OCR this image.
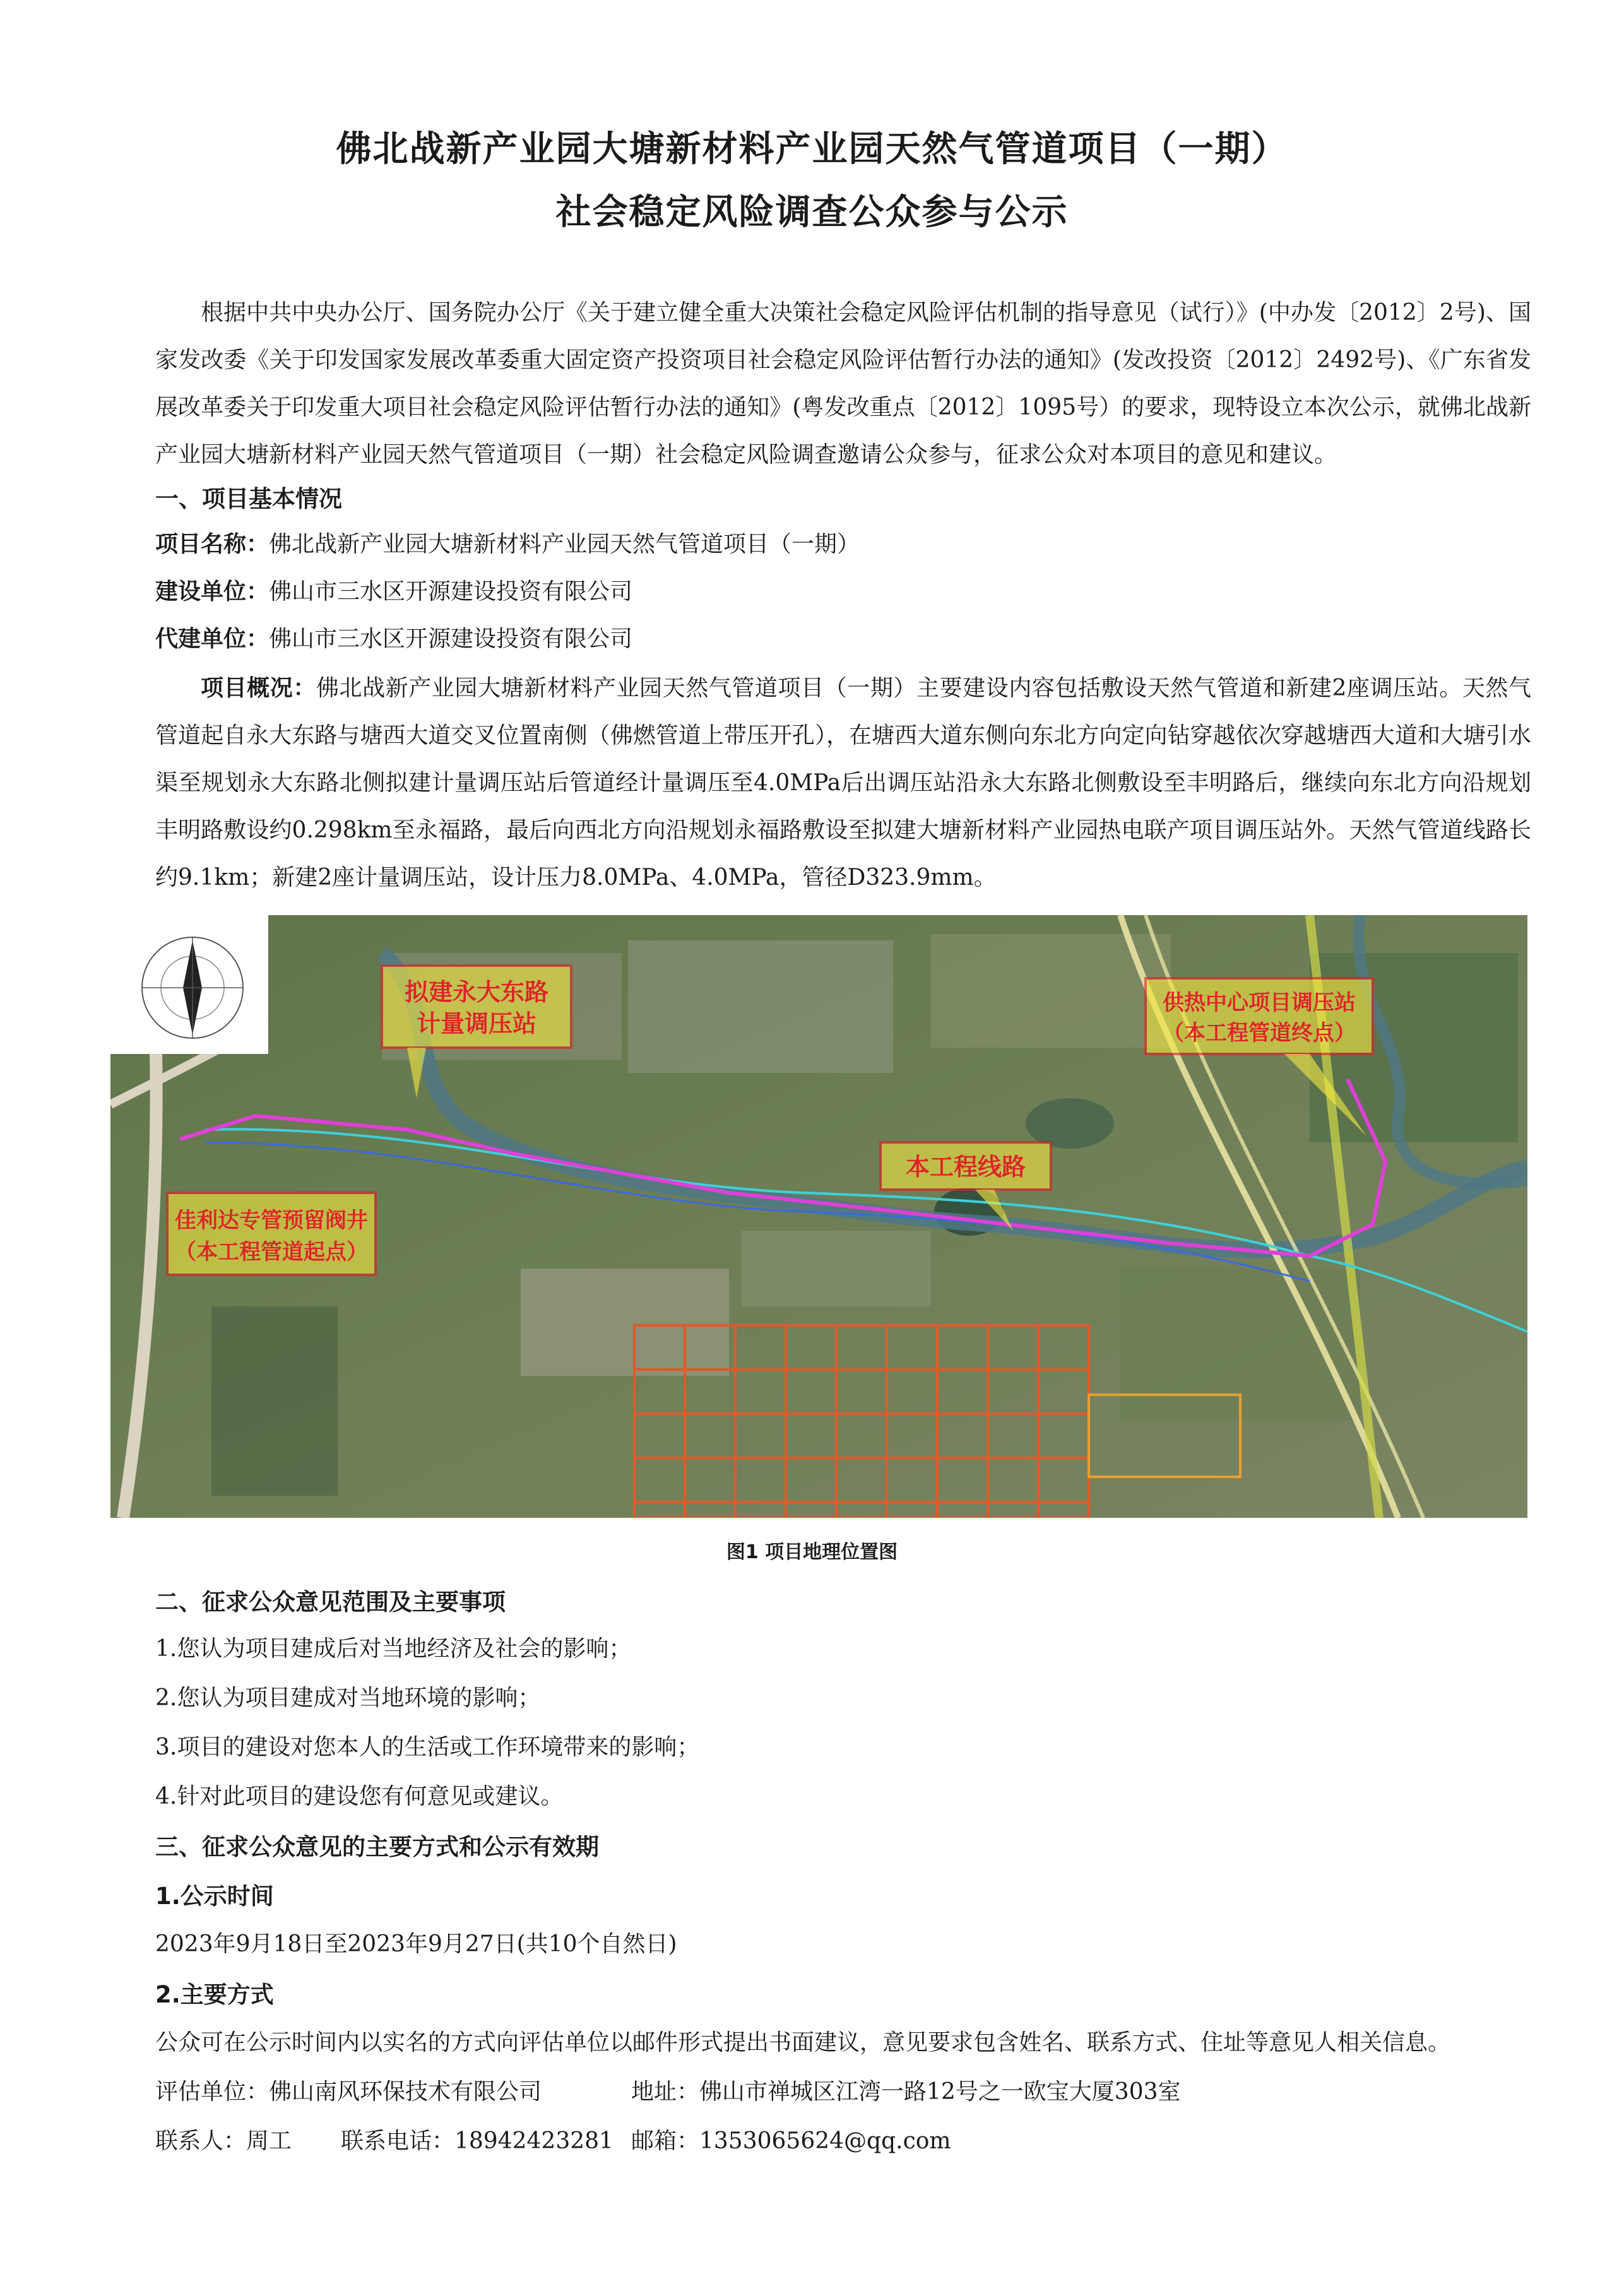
佛北战新产业园大塘新材料产业园天然气管道项目（一期）
社会稳定风险调查公众参与公示
根据中共中央办公厅、国务院办公厅《关于建立健全重大决策社会稳定风险评估机制的指导意见（试行）》(中办发〔2012〕2号)、国家发改委《关于印发国家发展改革委重大固定资产投资项目社会稳定风险评估暂行办法的通知》(发改投资〔2012〕2492号)、《广东省发展改革委关于印发重大项目社会稳定风险评估暂行办法的通知》(粤发改重点〔2012〕1095号）的要求，现特设立本次公示，就佛北战新产业园大塘新材料产业园天然气管道项目（一期）社会稳定风险调查邀请公众参与，征求公众对本项目的意见和建议。
一、项目基本情况
项目名称：佛北战新产业园大塘新材料产业园天然气管道项目（一期）
建设单位：佛山市三水区开源建设投资有限公司
代建单位：佛山市三水区开源建设投资有限公司
项目概况：佛北战新产业园大塘新材料产业园天然气管道项目（一期）主要建设内容包括敷设天然气管道和新建2座调压站。天然气管道起自永大东路与塘西大道交叉位置南侧（佛燃管道上带压开孔），在塘西大道东侧向东北方向定向钻穿越依次穿越塘西大道和大塘引水渠至规划永大东路北侧拟建计量调压站后管道经计量调压至4.0MPa后出调压站沿永大东路北侧敷设至丰明路后，继续向东北方向沿规划丰明路敷设约0.298km至永福路，最后向西北方向沿规划永福路敷设至拟建大塘新材料产业园热电联产项目调压站外。天然气管道线路长约9.1km；新建2座计量调压站，设计压力8.0MPa、4.0MPa，管径D323.9mm。
拟建永大东路
计量调压站
供热中心项目调压站
（本工程管道终点）
本工程线路
佳利达专管预留阀井
（本工程管道起点）
图1 项目地理位置图
二、征求公众意见范围及主要事项
1.您认为项目建成后对当地经济及社会的影响；
2.您认为项目建成对当地环境的影响；
3.项目的建设对您本人的生活或工作环境带来的影响；
4.针对此项目的建设您有何意见或建议。
三、征求公众意见的主要方式和公示有效期
1.公示时间
2023年9月18日至2023年9月27日(共10个自然日)
2.主要方式
公众可在公示时间内以实名的方式向评估单位以邮件形式提出书面建议，意见要求包含姓名、联系方式、住址等意见人相关信息。
评估单位：佛山南风环保技术有限公司	地址：佛山市禅城区江湾一路12号之一欧宝大厦303室
联系人：周工 联系电话：18942423281 邮箱：1353065624@qq.com
